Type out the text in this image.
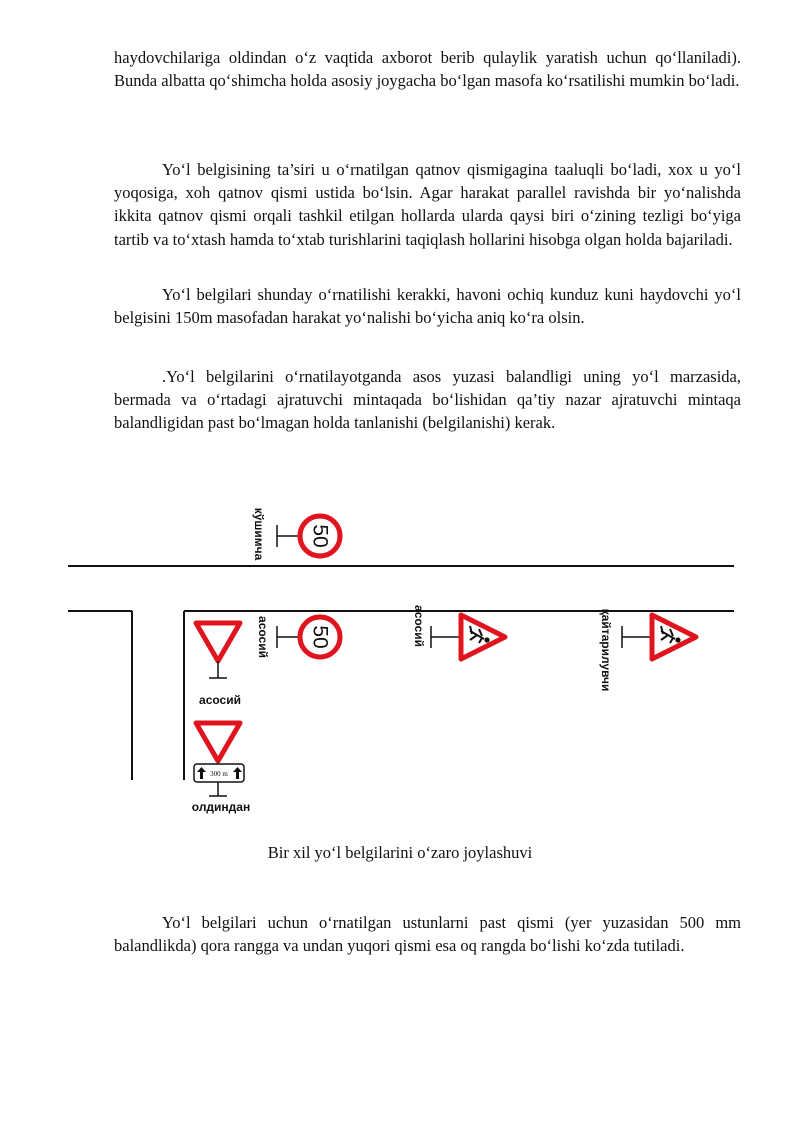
haydovchilariga oldindan o‘z vaqtida axborot berib qulaylik yaratish uchun qo‘llaniladi). Bunda albatta qo‘shimcha holda asosiy joygacha bo‘lgan masofa ko‘rsatilishi mumkin bo‘ladi.

Yo‘l belgisining ta’siri u o‘rnatilgan qatnov qismigagina taaluqli bo‘ladi, xox u yo‘l yoqosiga, xoh qatnov qismi ustida bo‘lsin. Agar harakat parallel ravishda bir yo‘nalishda ikkita qatnov qismi orqali tashkil etilgan hollarda ularda qaysi biri o‘zining tezligi bo‘yiga tartib va to‘xtash hamda to‘xtab turishlarini taqiqlash hollarini hisobga olgan holda bajariladi.

Yo‘l belgilari shunday o‘rnatilishi kerakki, havoni ochiq kunduz kuni haydovchi yo‘l belgisini 150m masofadan harakat yo‘nalishi bo‘yicha aniq ko‘ra olsin.

.Yo‘l belgilarini o‘rnatilayotganda asos yuzasi balandligi uning yo‘l marzasida, bermada va o‘rtadagi ajratuvchi mintaqada bo‘lishidan qa’tiy nazar ajratuvchi mintaqa balandligidan past bo‘lmagan holda tanlanishi (belgilanishi) kerak.

50
кўшимча
50
асосий	асосий	қайтарилувчи
асосий
300 m
олдиндан

Bir xil yo‘l belgilarini o‘zaro joylashuvi

Yo‘l belgilari uchun o‘rnatilgan ustunlarni past qismi (yer yuzasidan 500 mm balandlikda) qora rangga va undan yuqori qismi esa oq rangda bo‘lishi ko‘zda tutiladi.
